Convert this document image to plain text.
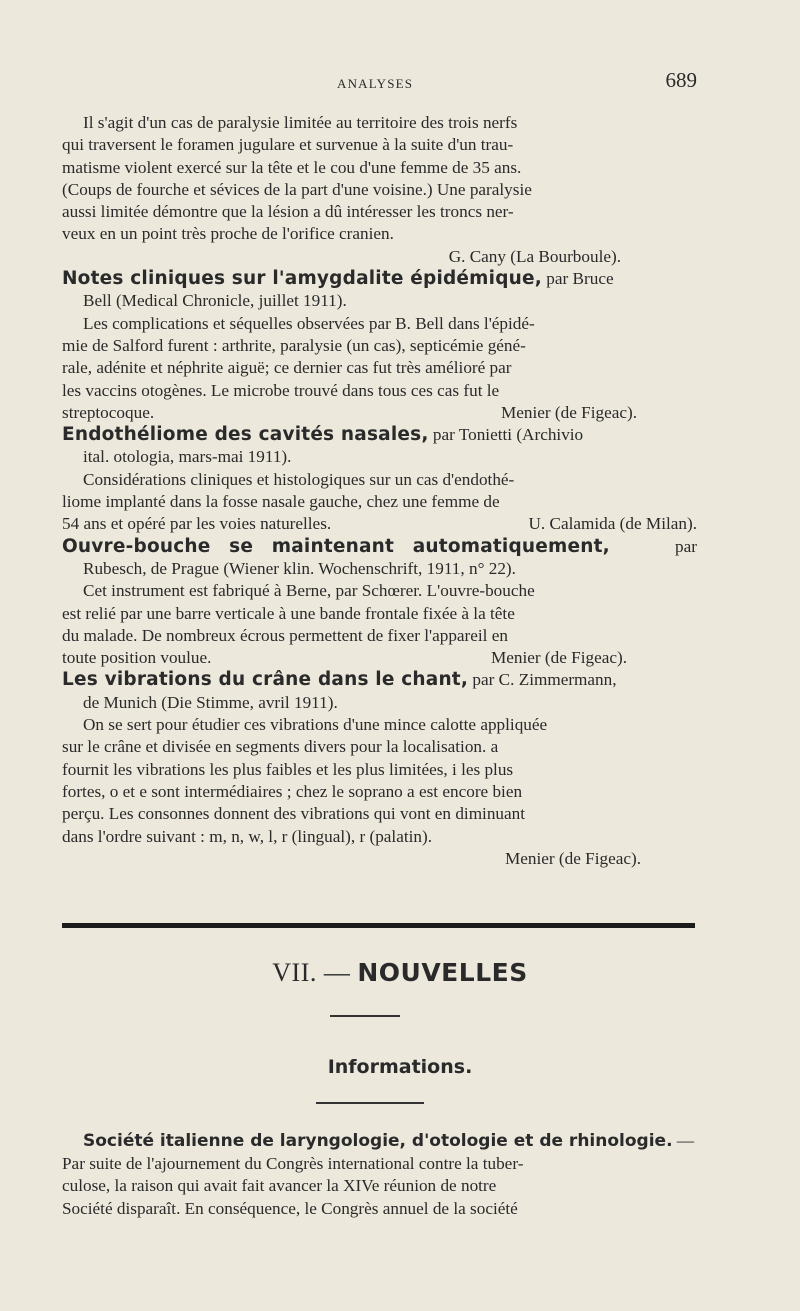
ANALYSES	689

Il s'agit d'un cas de paralysie limitée au territoire des trois nerfs

qui traversent le foramen jugulare et survenue à la suite d'un trau-

matisme violent exercé sur la tête et le cou d'une femme de 35 ans.

(Coups de fourche et sévices de la part d'une voisine.) Une paralysie

aussi limitée démontre que la lésion a dû intéresser les troncs ner-

veux en un point très proche de l'orifice cranien.

G. Cany (La Bourboule).

Notes cliniques sur l'amygdalite épidémique, par Bruce

Bell (Medical Chronicle, juillet 1911).

Les complications et séquelles observées par B. Bell dans l'épidé-

mie de Salford furent : arthrite, paralysie (un cas), septicémie géné-

rale, adénite et néphrite aiguë; ce dernier cas fut très amélioré par

les vaccins otogènes. Le microbe trouvé dans tous ces cas fut le

streptocoque.	Menier (de Figeac).

Endothéliome des cavités nasales, par Tonietti (Archivio

ital. otologia, mars-mai 1911).

Considérations cliniques et histologiques sur un cas d'endothé-

liome implanté dans la fosse nasale gauche, chez une femme de

54 ans et opéré par les voies naturelles.	U. Calamida (de Milan).

Ouvre-bouche se maintenant automatiquement,	par

Rubesch, de Prague (Wiener klin. Wochenschrift, 1911, n° 22).

Cet instrument est fabriqué à Berne, par Schœrer. L'ouvre-bouche

est relié par une barre verticale à une bande frontale fixée à la tête

du malade. De nombreux écrous permettent de fixer l'appareil en

toute position voulue.	Menier (de Figeac).

Les vibrations du crâne dans le chant, par C. Zimmermann,

de Munich (Die Stimme, avril 1911).

On se sert pour étudier ces vibrations d'une mince calotte appliquée

sur le crâne et divisée en segments divers pour la localisation. a

fournit les vibrations les plus faibles et les plus limitées, i les plus

fortes, o et e sont intermédiaires ; chez le soprano a est encore bien

perçu. Les consonnes donnent des vibrations qui vont en diminuant

dans l'ordre suivant : m, n, w, l, r (lingual), r (palatin).

Menier (de Figeac).

VII. — NOUVELLES
Informations.

Société italienne de laryngologie, d'otologie et de rhinologie. —

Par suite de l'ajournement du Congrès international contre la tuber-

culose, la raison qui avait fait avancer la XIVe réunion de notre

Société disparaît. En conséquence, le Congrès annuel de la société
